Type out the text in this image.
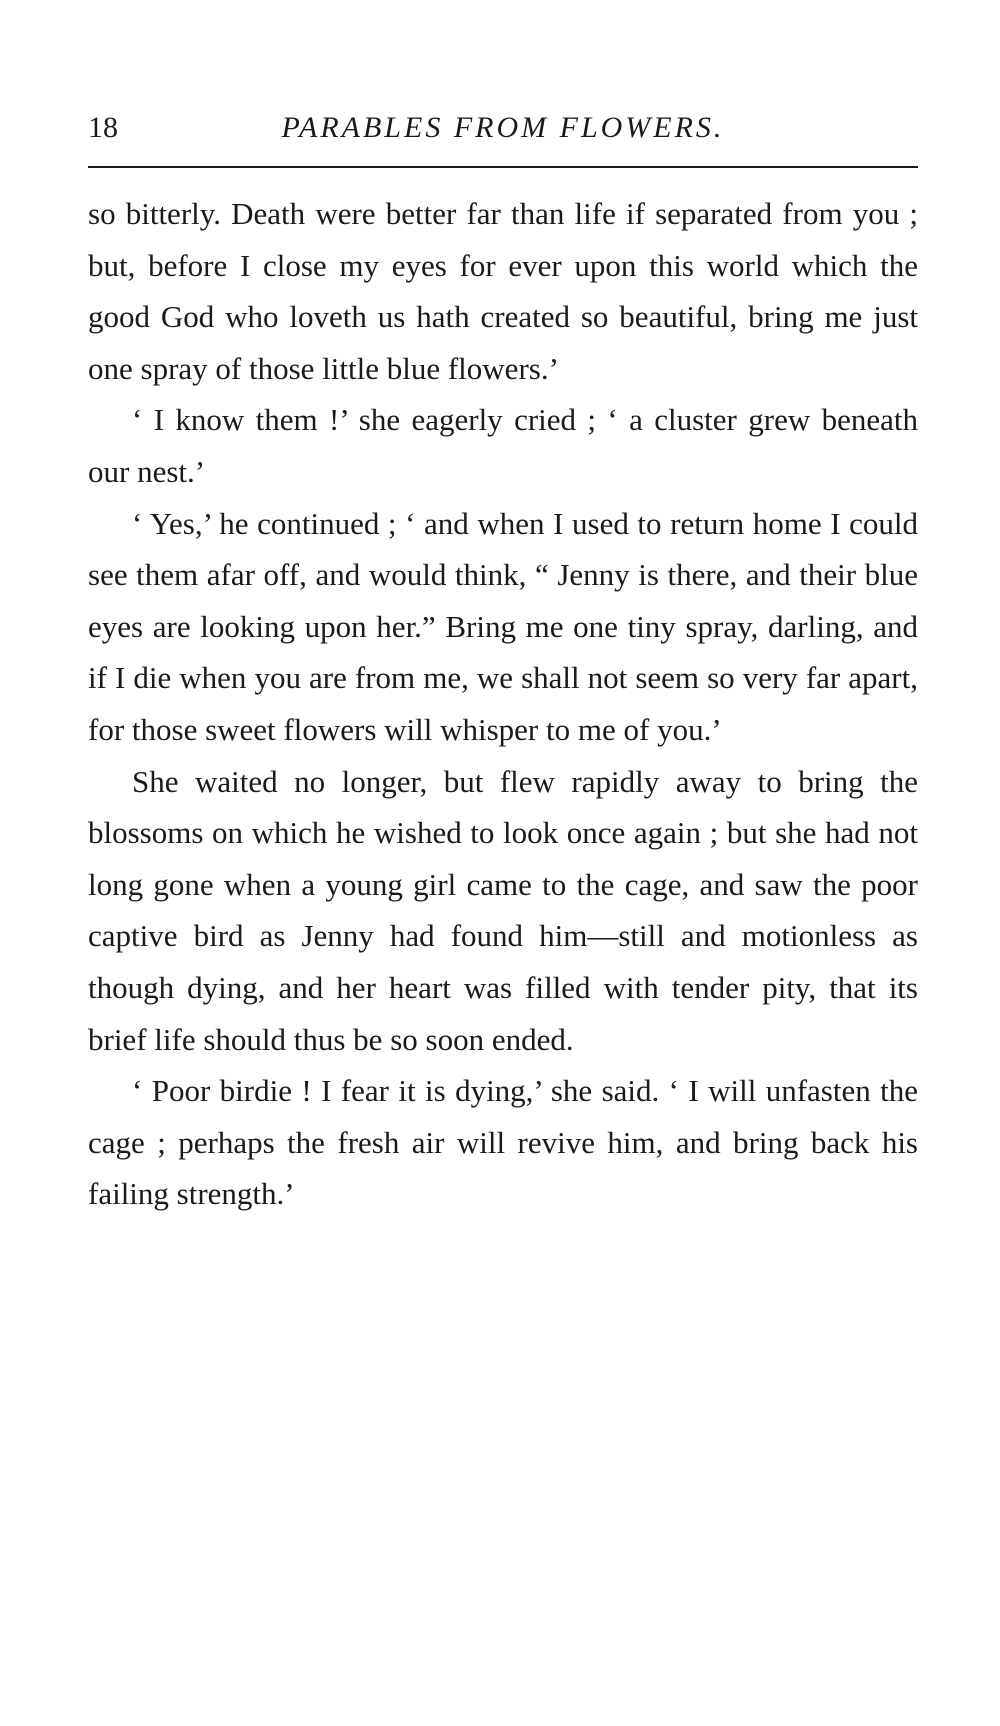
18	PARABLES FROM FLOWERS.

so bitterly. Death were better far than life if separated from you ; but, before I close my eyes for ever upon this world which the good God who loveth us hath created so beautiful, bring me just one spray of those little blue flowers.’

‘ I know them !’ she eagerly cried ; ‘ a cluster grew beneath our nest.’

‘ Yes,’ he continued ; ‘ and when I used to return home I could see them afar off, and would think, “ Jenny is there, and their blue eyes are looking upon her.” Bring me one tiny spray, darling, and if I die when you are from me, we shall not seem so very far apart, for those sweet flowers will whisper to me of you.’

She waited no longer, but flew rapidly away to bring the blossoms on which he wished to look once again ; but she had not long gone when a young girl came to the cage, and saw the poor captive bird as Jenny had found him—still and motionless as though dying, and her heart was filled with tender pity, that its brief life should thus be so soon ended.

‘ Poor birdie ! I fear it is dying,’ she said. ‘ I will unfasten the cage ; perhaps the fresh air will revive him, and bring back his failing strength.’
